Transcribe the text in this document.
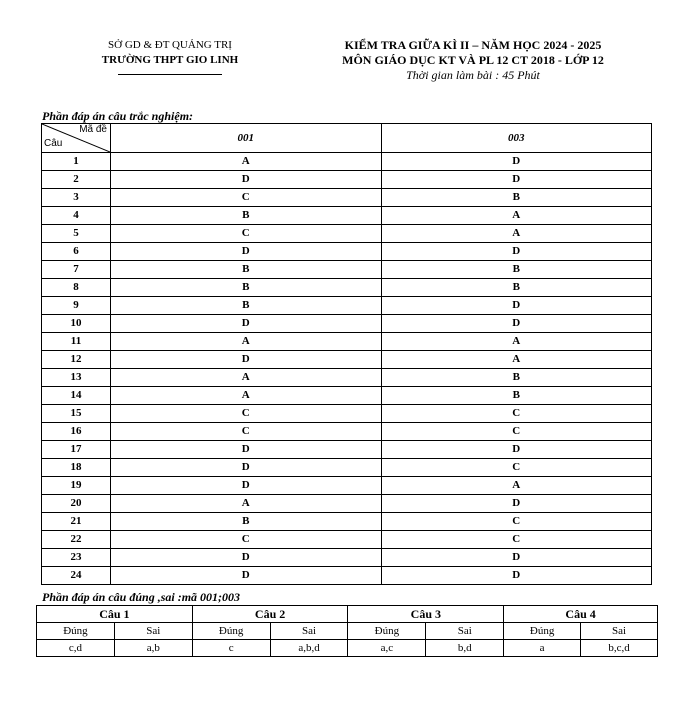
SỞ GD & ĐT QUẢNG TRỊ
TRƯỜNG THPT GIO LINH
KIỂM TRA GIỮA KÌ II – NĂM HỌC 2024 - 2025
MÔN GIÁO DỤC KT VÀ PL 12 CT 2018 - LỚP 12
Thời gian làm bài : 45 Phút
Phần đáp án câu trắc nghiệm:
Mã đề
Câu	001	003
1	A	D
2	D	D
3	C	B
4	B	A
5	C	A
6	D	D
7	B	B
8	B	B
9	B	D
10	D	D
11	A	A
12	D	A
13	A	B
14	A	B
15	C	C
16	C	C
17	D	D
18	D	C
19	D	A
20	A	D
21	B	C
22	C	C
23	D	D
24	D	D
Phần đáp án câu đúng ,sai :mã 001;003
Câu 1		Câu 2		Câu 3		Câu 4	
Đúng	Sai	Đúng	Sai	Đúng	Sai	Đúng	Sai
c,d	a,b	c	a,b,d	a,c	b,d	a	b,c,d
